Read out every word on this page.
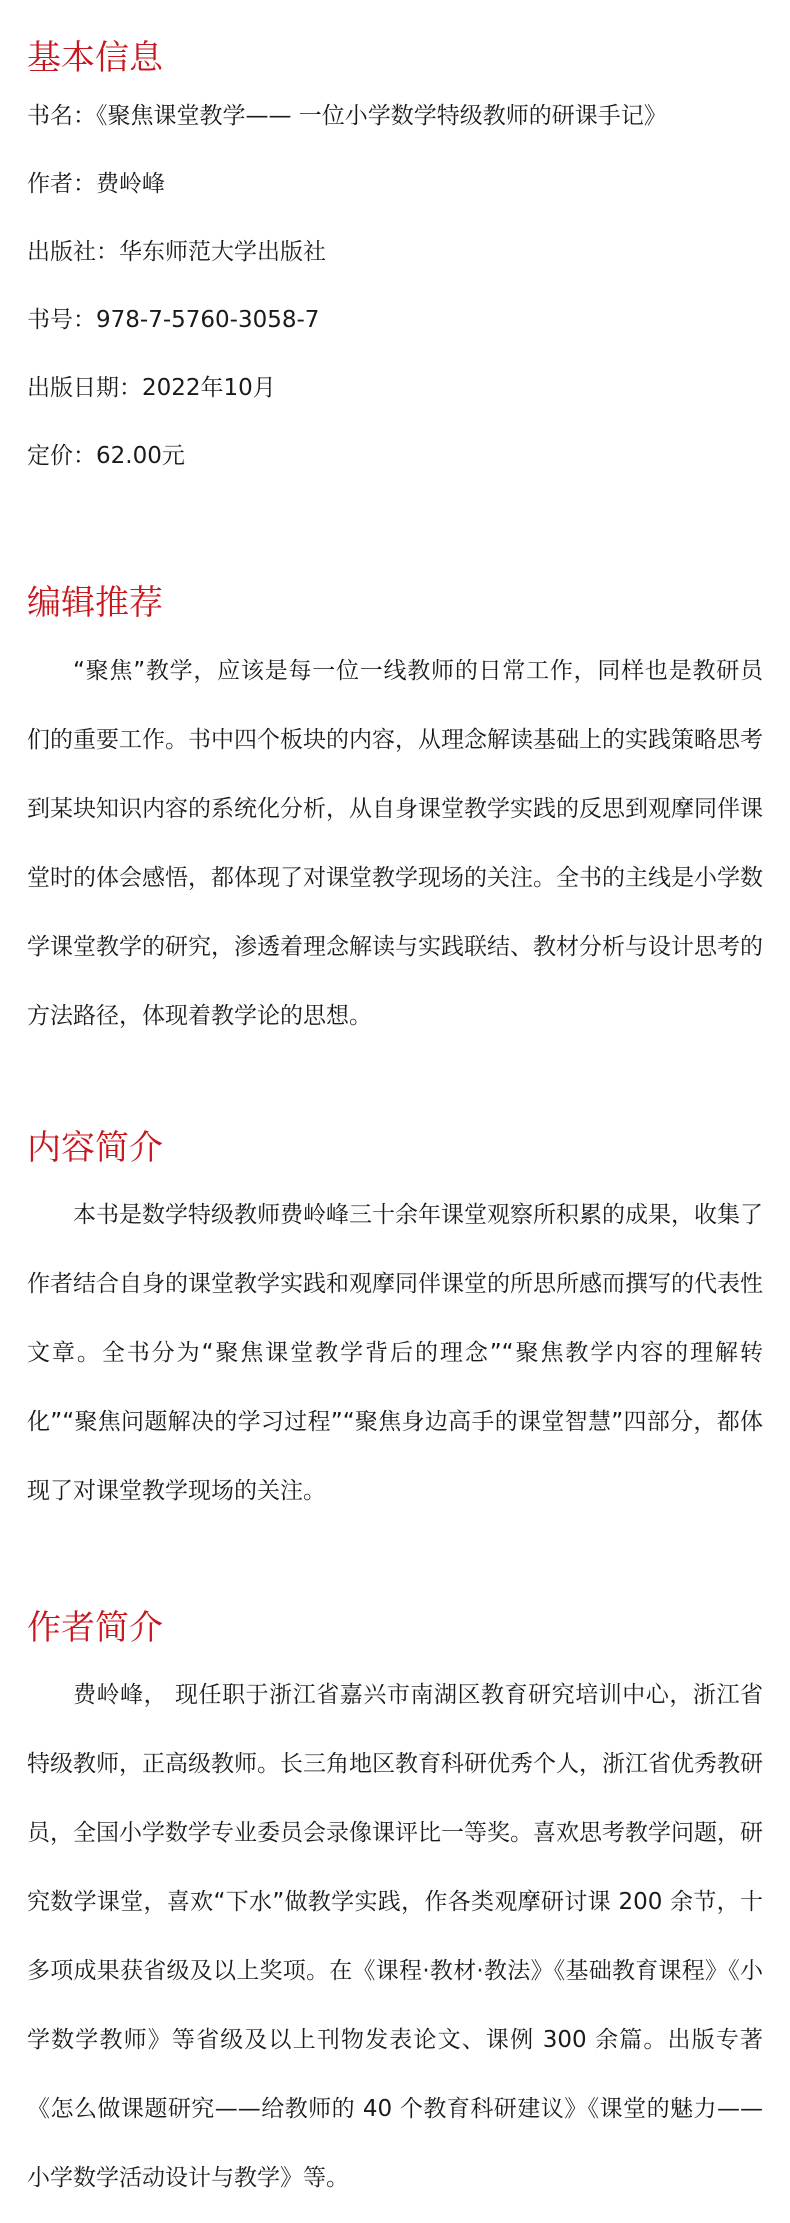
基本信息

书名：《聚焦课堂教学—— 一位小学数学特级教师的研课手记》

作者：费岭峰

出版社：华东师范大学出版社

书号：978-7-5760-3058-7

出版日期：2022年10月

定价：62.00元

编辑推荐

“聚焦”教学，应该是每一位一线教师的日常工作，同样也是教研员们的重要工作。书中四个板块的内容，从理念解读基础上的实践策略思考到某块知识内容的系统化分析，从自身课堂教学实践的反思到观摩同伴课堂时的体会感悟，都体现了对课堂教学现场的关注。全书的主线是小学数学课堂教学的研究，渗透着理念解读与实践联结、教材分析与设计思考的方法路径，体现着教学论的思想。

内容简介

本书是数学特级教师费岭峰三十余年课堂观察所积累的成果，收集了作者结合自身的课堂教学实践和观摩同伴课堂的所思所感而撰写的代表性文章。全书分为“聚焦课堂教学背后的理念”“聚焦教学内容的理解转化”“聚焦问题解决的学习过程”“聚焦身边高手的课堂智慧”四部分，都体现了对课堂教学现场的关注。

作者简介

费岭峰， 现任职于浙江省嘉兴市南湖区教育研究培训中心，浙江省特级教师，正高级教师。长三角地区教育科研优秀个人，浙江省优秀教研员，全国小学数学专业委员会录像课评比一等奖。喜欢思考教学问题，研究数学课堂，喜欢“下水”做教学实践，作各类观摩研讨课 200 余节，十多项成果获省级及以上奖项。在《课程·教材·教法》《基础教育课程》《小学数学教师》等省级及以上刊物发表论文、课例 300 余篇。出版专著《怎么做课题研究——给教师的 40 个教育科研建议》《课堂的魅力——小学数学活动设计与教学》等。
